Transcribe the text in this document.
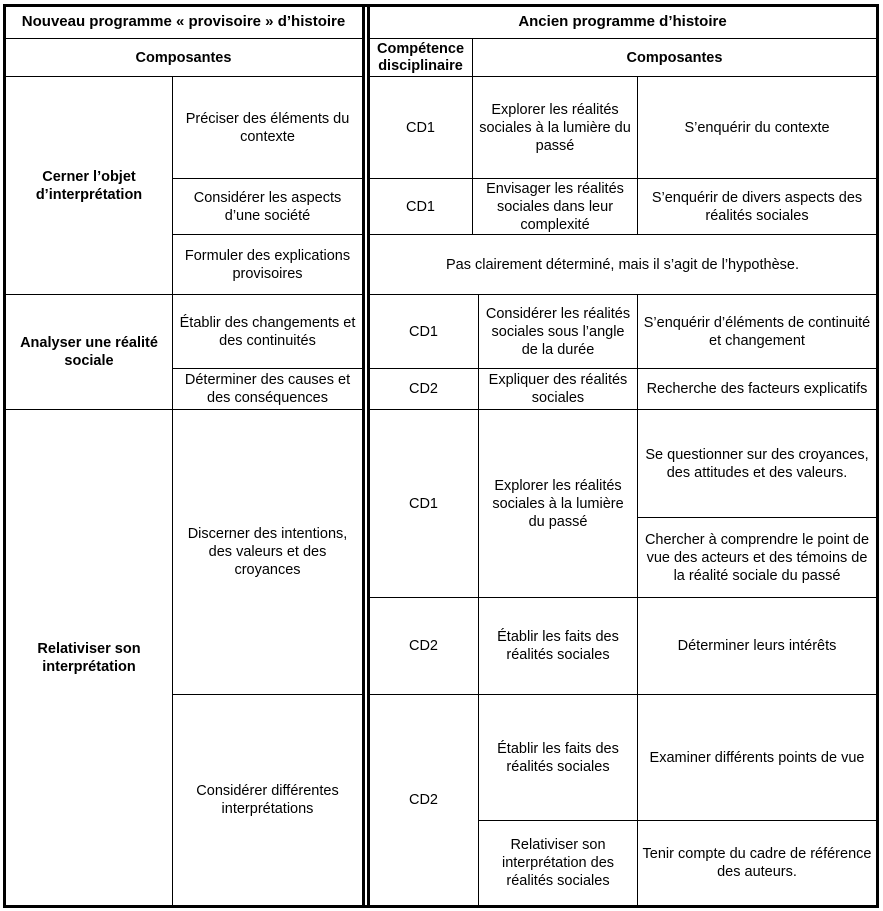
Nouveau programme « provisoire » d’histoire
Composantes
Cerner l’objet d’interprétation
Préciser des éléments du contexte
Considérer les aspects d’une société
Formuler des explications provisoires
Analyser une réalité sociale
Établir des changements et des continuités
Déterminer des causes et des conséquences
Relativiser son interprétation
Discerner des intentions, des valeurs et des croyances
Considérer différentes interprétations
Ancien programme d’histoire
Compétence disciplinaire	Composantes
CD1
Explorer les réalités sociales à la lumière du passé
S’enquérir du contexte
CD1
Envisager les réalités sociales dans leur complexité
S’enquérir de divers aspects des réalités sociales
Pas clairement déterminé, mais il s’agit de l’hypothèse.
CD1
Considérer les réalités sociales sous l’angle de la durée
S’enquérir d’éléments de continuité et changement
CD2
Expliquer des réalités sociales
Recherche des facteurs explicatifs
CD1
Explorer les réalités sociales à la lumière du passé
Se questionner sur des croyances, des attitudes et des valeurs.
Chercher à comprendre le point de vue des acteurs et des témoins de la réalité sociale du passé
CD2
Établir les faits des réalités sociales
Déterminer leurs intérêts
CD2
Établir les faits des réalités sociales
Examiner différents points de vue
Relativiser son interprétation des réalités sociales
Tenir compte du cadre de référence des auteurs.
